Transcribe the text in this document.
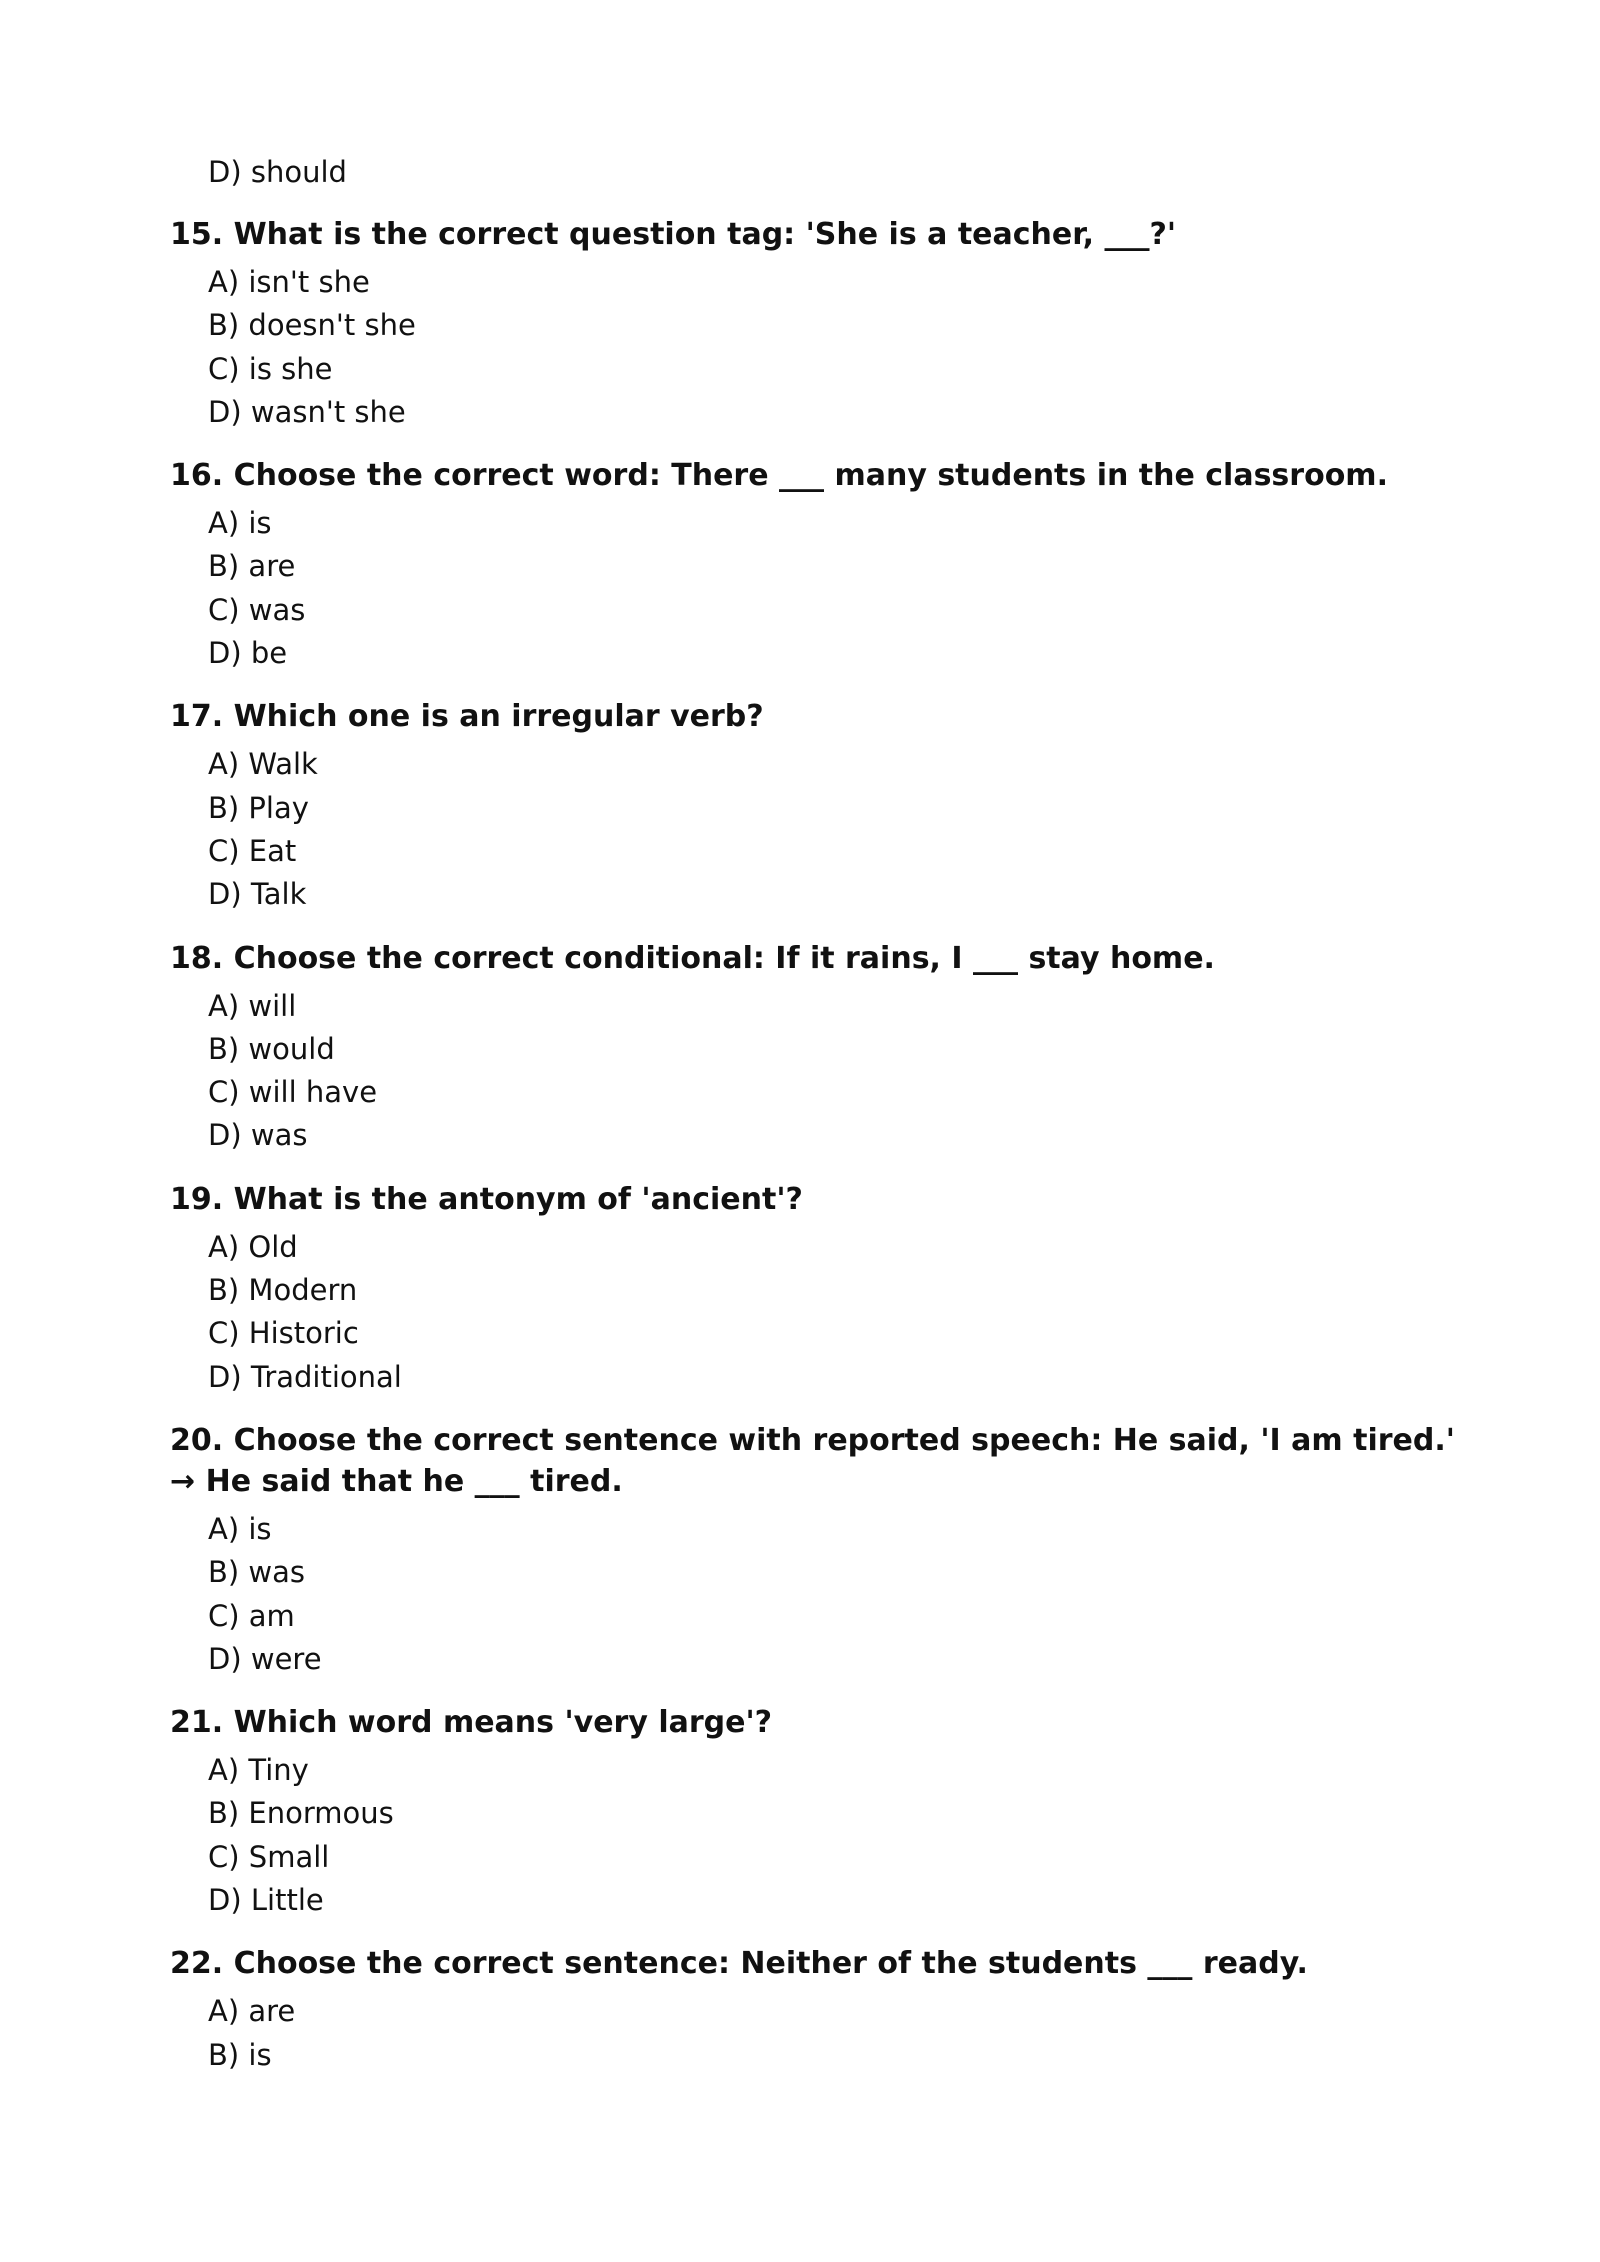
D) should

15. What is the correct question tag: 'She is a teacher, ___?'

A) isn't she
B) doesn't she
C) is she
D) wasn't she

16. Choose the correct word: There ___ many students in the classroom.

A) is
B) are
C) was
D) be

17. Which one is an irregular verb?

A) Walk
B) Play
C) Eat
D) Talk

18. Choose the correct conditional: If it rains, I ___ stay home.

A) will
B) would
C) will have
D) was

19. What is the antonym of 'ancient'?

A) Old
B) Modern
C) Historic
D) Traditional

20. Choose the correct sentence with reported speech: He said, 'I am tired.' → He said that he ___ tired.

A) is
B) was
C) am
D) were

21. Which word means 'very large'?

A) Tiny
B) Enormous
C) Small
D) Little

22. Choose the correct sentence: Neither of the students ___ ready.

A) are
B) is
